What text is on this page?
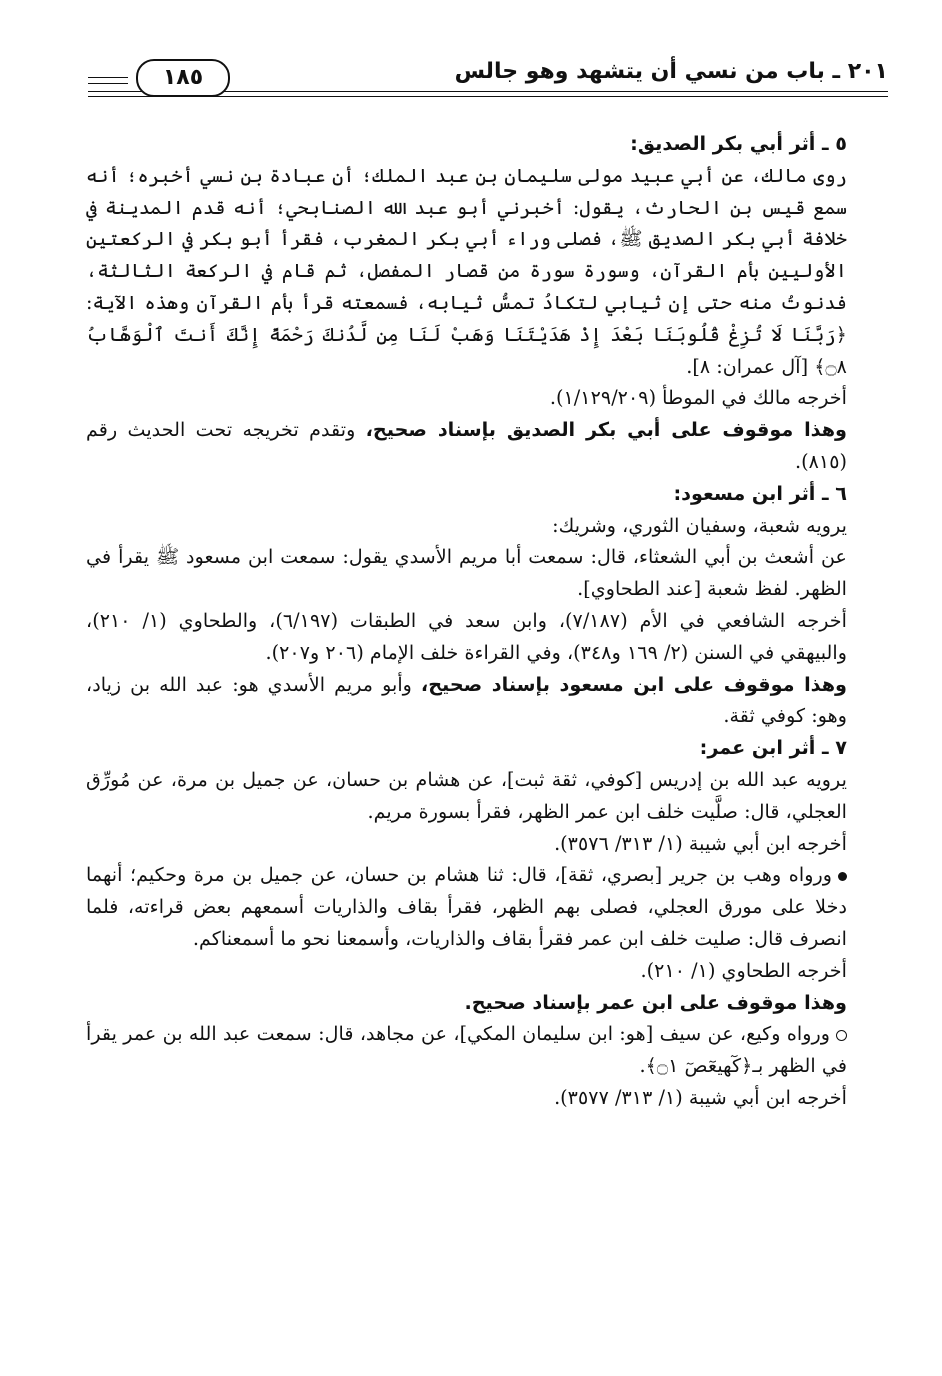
١٨٥	٢٠١ ـ باب من نسي أن يتشهد وهو جالس

٥ ـ أثر أبي بكر الصديق:

روى مالك، عن أبي عبيد مولى سليمان بن عبد الملك؛ أن عبادة بن نسي أخبره؛ أنه سمع قيس بن الحارث، يقول: أخبرني أبو عبد الله الصنابحي؛ أنه قدم المدينة في خلافة أبي بكر الصديق ﷺ، فصلى وراء أبي بكر المغرب، فقرأ أبو بكر في الركعتين الأوليين بأم القرآن، وسورة سورة من قصار المفصل، ثم قام في الركعة الثالثة، فدنوتُ منه حتى إن ثيابي لتكادُ تمسُّ ثيابه، فسمعته قرأ بأم القرآن وهذه الآية: ﴿رَبَّنَا لَا تُزِغْ قُلُوبَنَا بَعْدَ إِذْ هَدَيْتَنَا وَهَبْ لَنَا مِن لَّدُنكَ رَحْمَةً إِنَّكَ أَنتَ ٱلْوَهَّابُ ۝٨﴾ [آل عمران: ٨].

أخرجه مالك في الموطأ (١/١٢٩/٢٠٩).

وهذا موقوف على أبي بكر الصديق بإسناد صحيح، وتقدم تخريجه تحت الحديث رقم (٨١٥).

٦ ـ أثر ابن مسعود:

يرويه شعبة، وسفيان الثوري، وشريك:

عن أشعث بن أبي الشعثاء، قال: سمعت أبا مريم الأسدي يقول: سمعت ابن مسعود ﷺ يقرأ في الظهر. لفظ شعبة [عند الطحاوي].

أخرجه الشافعي في الأم (٧/١٨٧)، وابن سعد في الطبقات (٦/١٩٧)، والطحاوي (١/ ٢١٠)، والبيهقي في السنن (٢/ ١٦٩ و٣٤٨)، وفي القراءة خلف الإمام (٢٠٦ و٢٠٧).

وهذا موقوف على ابن مسعود بإسناد صحيح، وأبو مريم الأسدي هو: عبد الله بن زياد، وهو: كوفي ثقة.

٧ ـ أثر ابن عمر:

يرويه عبد الله بن إدريس [كوفي، ثقة ثبت]، عن هشام بن حسان، عن جميل بن مرة، عن مُورِّق العجلي، قال: صلَّيت خلف ابن عمر الظهر، فقرأ بسورة مريم.

أخرجه ابن أبي شيبة (١/ ٣١٣/ ٣٥٧٦).

ورواه وهب بن جرير [بصري، ثقة]، قال: ثنا هشام بن حسان، عن جميل بن مرة وحكيم؛ أنهما دخلا على مورق العجلي، فصلى بهم الظهر، فقرأ بقاف والذاريات أسمعهم بعض قراءته، فلما انصرف قال: صليت خلف ابن عمر فقرأ بقاف والذاريات، وأسمعنا نحو ما أسمعناكم.

أخرجه الطحاوي (١/ ٢١٠).

وهذا موقوف على ابن عمر بإسناد صحيح.

ورواه وكيع، عن سيف [هو: ابن سليمان المكي]، عن مجاهد، قال: سمعت عبد الله بن عمر يقرأ في الظهر بـ﴿كٓهيعٓصٓ ۝١﴾.

أخرجه ابن أبي شيبة (١/ ٣١٣/ ٣٥٧٧).
